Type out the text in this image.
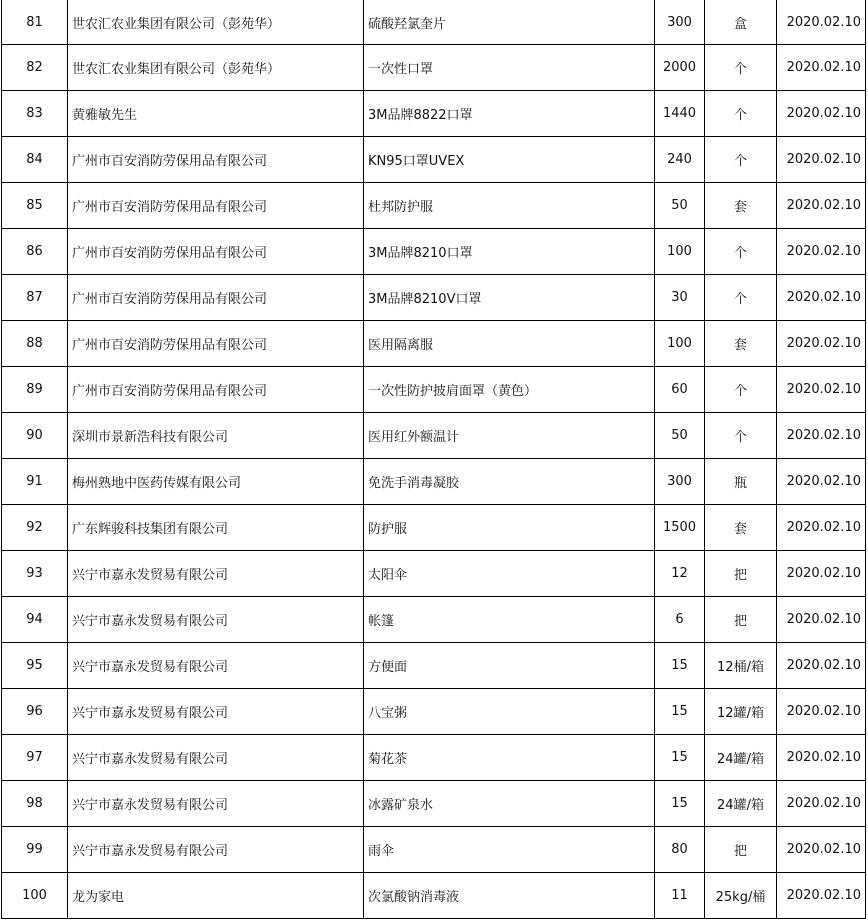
81	世农汇农业集团有限公司（彭苑华）	硫酸羟氯奎片	300	盒	2020.02.10
82	世农汇农业集团有限公司（彭苑华）	一次性口罩	2000	个	2020.02.10
83	黄雅敏先生	3M品牌8822口罩	1440	个	2020.02.10
84	广州市百安消防劳保用品有限公司	KN95口罩UVEX	240	个	2020.02.10
85	广州市百安消防劳保用品有限公司	杜邦防护服	50	套	2020.02.10
86	广州市百安消防劳保用品有限公司	3M品牌8210口罩	100	个	2020.02.10
87	广州市百安消防劳保用品有限公司	3M品牌8210V口罩	30	个	2020.02.10
88	广州市百安消防劳保用品有限公司	医用隔离服	100	套	2020.02.10
89	广州市百安消防劳保用品有限公司	一次性防护披肩面罩（黄色）	60	个	2020.02.10
90	深圳市景新浩科技有限公司	医用红外额温计	50	个	2020.02.10
91	梅州熟地中医药传媒有限公司	免洗手消毒凝胶	300	瓶	2020.02.10
92	广东辉骏科技集团有限公司	防护服	1500	套	2020.02.10
93	兴宁市嘉永发贸易有限公司	太阳伞	12	把	2020.02.10
94	兴宁市嘉永发贸易有限公司	帐篷	6	把	2020.02.10
95	兴宁市嘉永发贸易有限公司	方便面	15	12桶/箱	2020.02.10
96	兴宁市嘉永发贸易有限公司	八宝粥	15	12罐/箱	2020.02.10
97	兴宁市嘉永发贸易有限公司	菊花茶	15	24罐/箱	2020.02.10
98	兴宁市嘉永发贸易有限公司	冰露矿泉水	15	24罐/箱	2020.02.10
99	兴宁市嘉永发贸易有限公司	雨伞	80	把	2020.02.10
100	龙为家电	次氯酸钠消毒液	11	25kg/桶	2020.02.10
